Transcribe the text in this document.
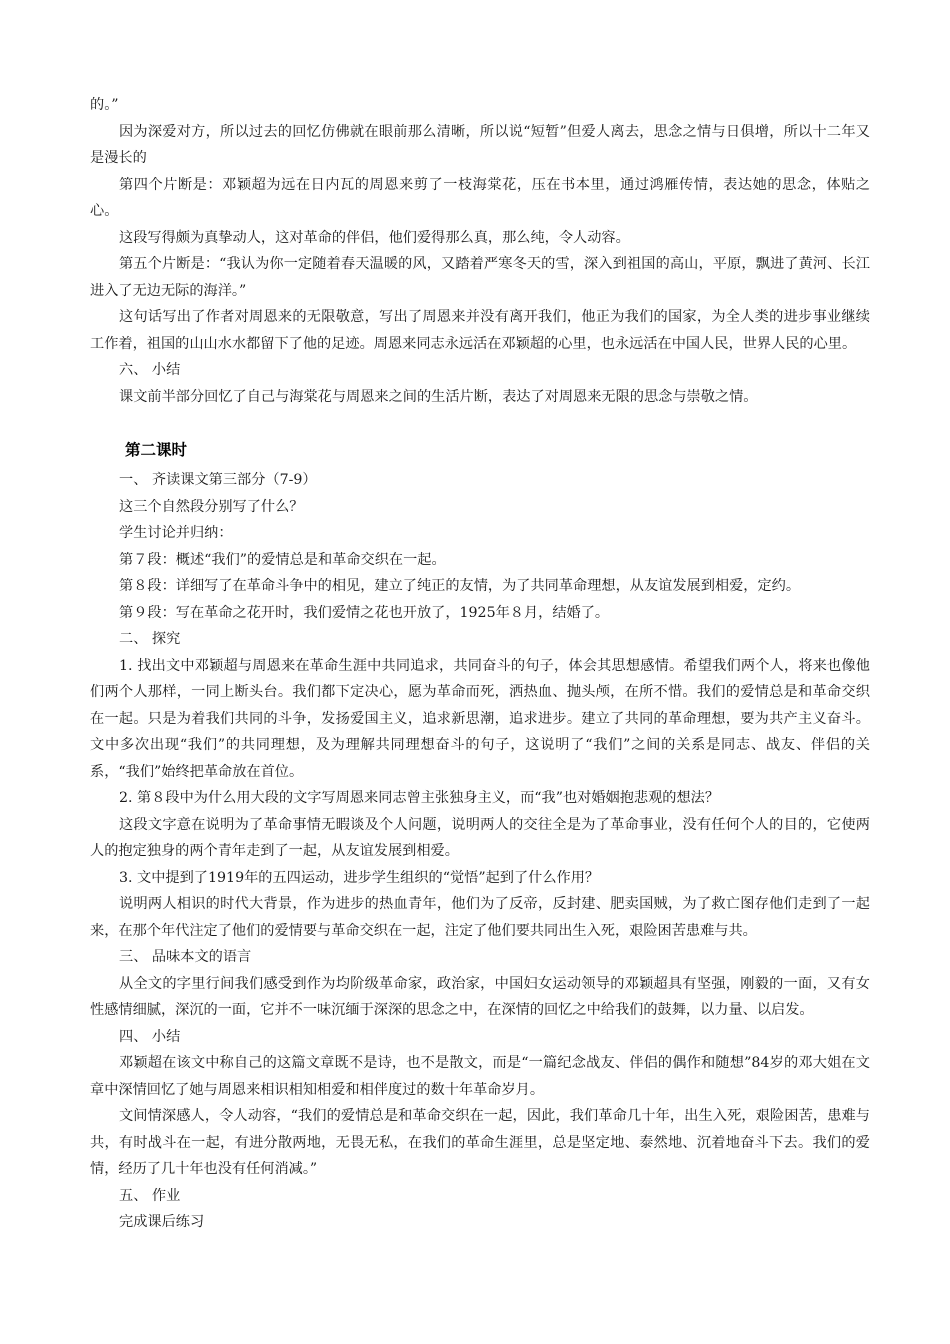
的。”

因为深爱对方，所以过去的回忆仿佛就在眼前那么清晰，所以说“短暂”但爱人离去，思念之情与日俱增，所以十二年又是漫长的

第四个片断是：邓颖超为远在日内瓦的周恩来剪了一枝海棠花，压在书本里，通过鸿雁传情，表达她的思念，体贴之心。

这段写得颇为真挚动人，这对革命的伴侣，他们爱得那么真，那么纯，令人动容。

第五个片断是：“我认为你一定随着春天温暖的风，又踏着严寒冬天的雪，深入到祖国的高山，平原，飘进了黄河、长江进入了无边无际的海洋。”

这句话写出了作者对周恩来的无限敬意，写出了周恩来并没有离开我们，他正为我们的国家，为全人类的进步事业继续工作着，祖国的山山水水都留下了他的足迹。周恩来同志永远活在邓颖超的心里，也永远活在中国人民，世界人民的心里。

六、 小结

课文前半部分回忆了自己与海棠花与周恩来之间的生活片断，表达了对周恩来无限的思念与崇敬之情。

第二课时

一、 齐读课文第三部分（7-9）

这三个自然段分别写了什么？

学生讨论并归纳：

第７段：概述“我们”的爱情总是和革命交织在一起。

第８段：详细写了在革命斗争中的相见，建立了纯正的友情，为了共同革命理想，从友谊发展到相爱，定约。

第９段：写在革命之花开时，我们爱情之花也开放了，1925年８月，结婚了。

二、 探究

1. 找出文中邓颖超与周恩来在革命生涯中共同追求，共同奋斗的句子，体会其思想感情。希望我们两个人，将来也像他们两个人那样，一同上断头台。我们都下定决心，愿为革命而死，洒热血、抛头颅，在所不惜。我们的爱情总是和革命交织在一起。只是为着我们共同的斗争，发扬爱国主义，追求新思潮，追求进步。建立了共同的革命理想，要为共产主义奋斗。文中多次出现“我们”的共同理想，及为理解共同理想奋斗的句子，这说明了“我们”之间的关系是同志、战友、伴侣的关系，“我们”始终把革命放在首位。

2. 第８段中为什么用大段的文字写周恩来同志曾主张独身主义，而“我”也对婚姻抱悲观的想法？

这段文字意在说明为了革命事情无暇谈及个人问题，说明两人的交往全是为了革命事业，没有任何个人的目的，它使两人的抱定独身的两个青年走到了一起，从友谊发展到相爱。

3. 文中提到了1919年的五四运动，进步学生组织的“觉悟”起到了什么作用？

说明两人相识的时代大背景，作为进步的热血青年，他们为了反帝，反封建、肥卖国贼，为了救亡图存他们走到了一起来，在那个年代注定了他们的爱情要与革命交织在一起，注定了他们要共同出生入死，艰险困苦患难与共。

三、 品味本文的语言

从全文的字里行间我们感受到作为均阶级革命家，政治家，中国妇女运动领导的邓颖超具有坚强，刚毅的一面，又有女性感情细腻，深沉的一面，它并不一味沉缅于深深的思念之中，在深情的回忆之中给我们的鼓舞，以力量、以启发。

四、 小结

邓颖超在该文中称自己的这篇文章既不是诗，也不是散文，而是“一篇纪念战友、伴侣的偶作和随想”84岁的邓大姐在文章中深情回忆了她与周恩来相识相知相爱和相伴度过的数十年革命岁月。

文间情深感人，令人动容，“我们的爱情总是和革命交织在一起，因此，我们革命几十年，出生入死，艰险困苦，患难与共，有时战斗在一起，有进分散两地，无畏无私，在我们的革命生涯里，总是坚定地、泰然地、沉着地奋斗下去。我们的爱情，经历了几十年也没有任何消减。”

五、 作业

完成课后练习
